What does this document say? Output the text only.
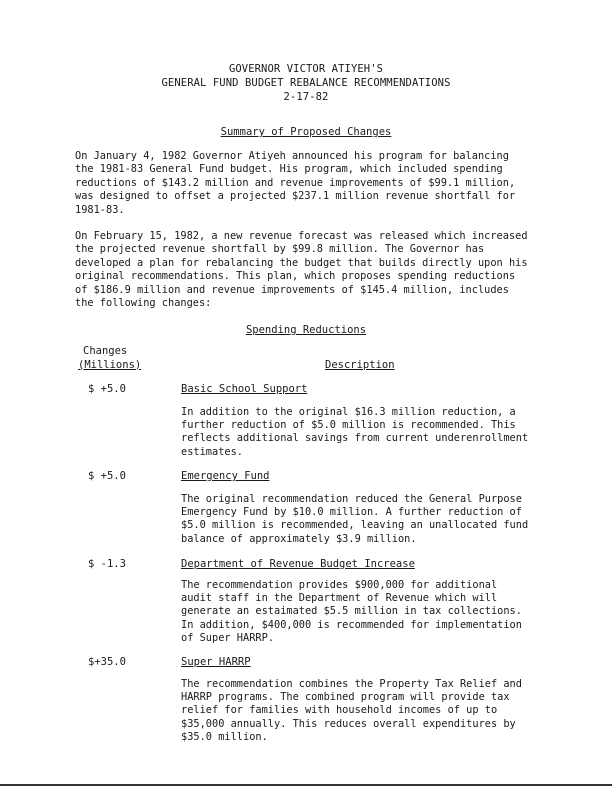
GOVERNOR VICTOR ATIYEH'S
GENERAL FUND BUDGET REBALANCE RECOMMENDATIONS
2-17-82
Summary of Proposed Changes
On January 4, 1982 Governor Atiyeh announced his program for balancing
the 1981-83 General Fund budget. His program, which included spending
reductions of $143.2 million and revenue improvements of $99.1 million,
was designed to offset a projected $237.1 million revenue shortfall for
1981-83.
On February 15, 1982, a new revenue forecast was released which increased
the projected revenue shortfall by $99.8 million. The Governor has
developed a plan for rebalancing the budget that builds directly upon his
original recommendations. This plan, which proposes spending reductions
of $186.9 million and revenue improvements of $145.4 million, includes
the following changes:
Spending Reductions
Changes
(Millions)	Description
$ +5.0	Basic School Support
In addition to the original $16.3 million reduction, a
further reduction of $5.0 million is recommended. This
reflects additional savings from current underenrollment
estimates.
$ +5.0	Emergency Fund
The original recommendation reduced the General Purpose
Emergency Fund by $10.0 million. A further reduction of
$5.0 million is recommended, leaving an unallocated fund
balance of approximately $3.9 million.
$ -1.3	Department of Revenue Budget Increase
The recommendation provides $900,000 for additional
audit staff in the Department of Revenue which will
generate an estaimated $5.5 million in tax collections.
In addition, $400,000 is recommended for implementation
of Super HARRP.
$+35.0	Super HARRP
The recommendation combines the Property Tax Relief and
HARRP programs. The combined program will provide tax
relief for families with household incomes of up to
$35,000 annually. This reduces overall expenditures by
$35.0 million.
